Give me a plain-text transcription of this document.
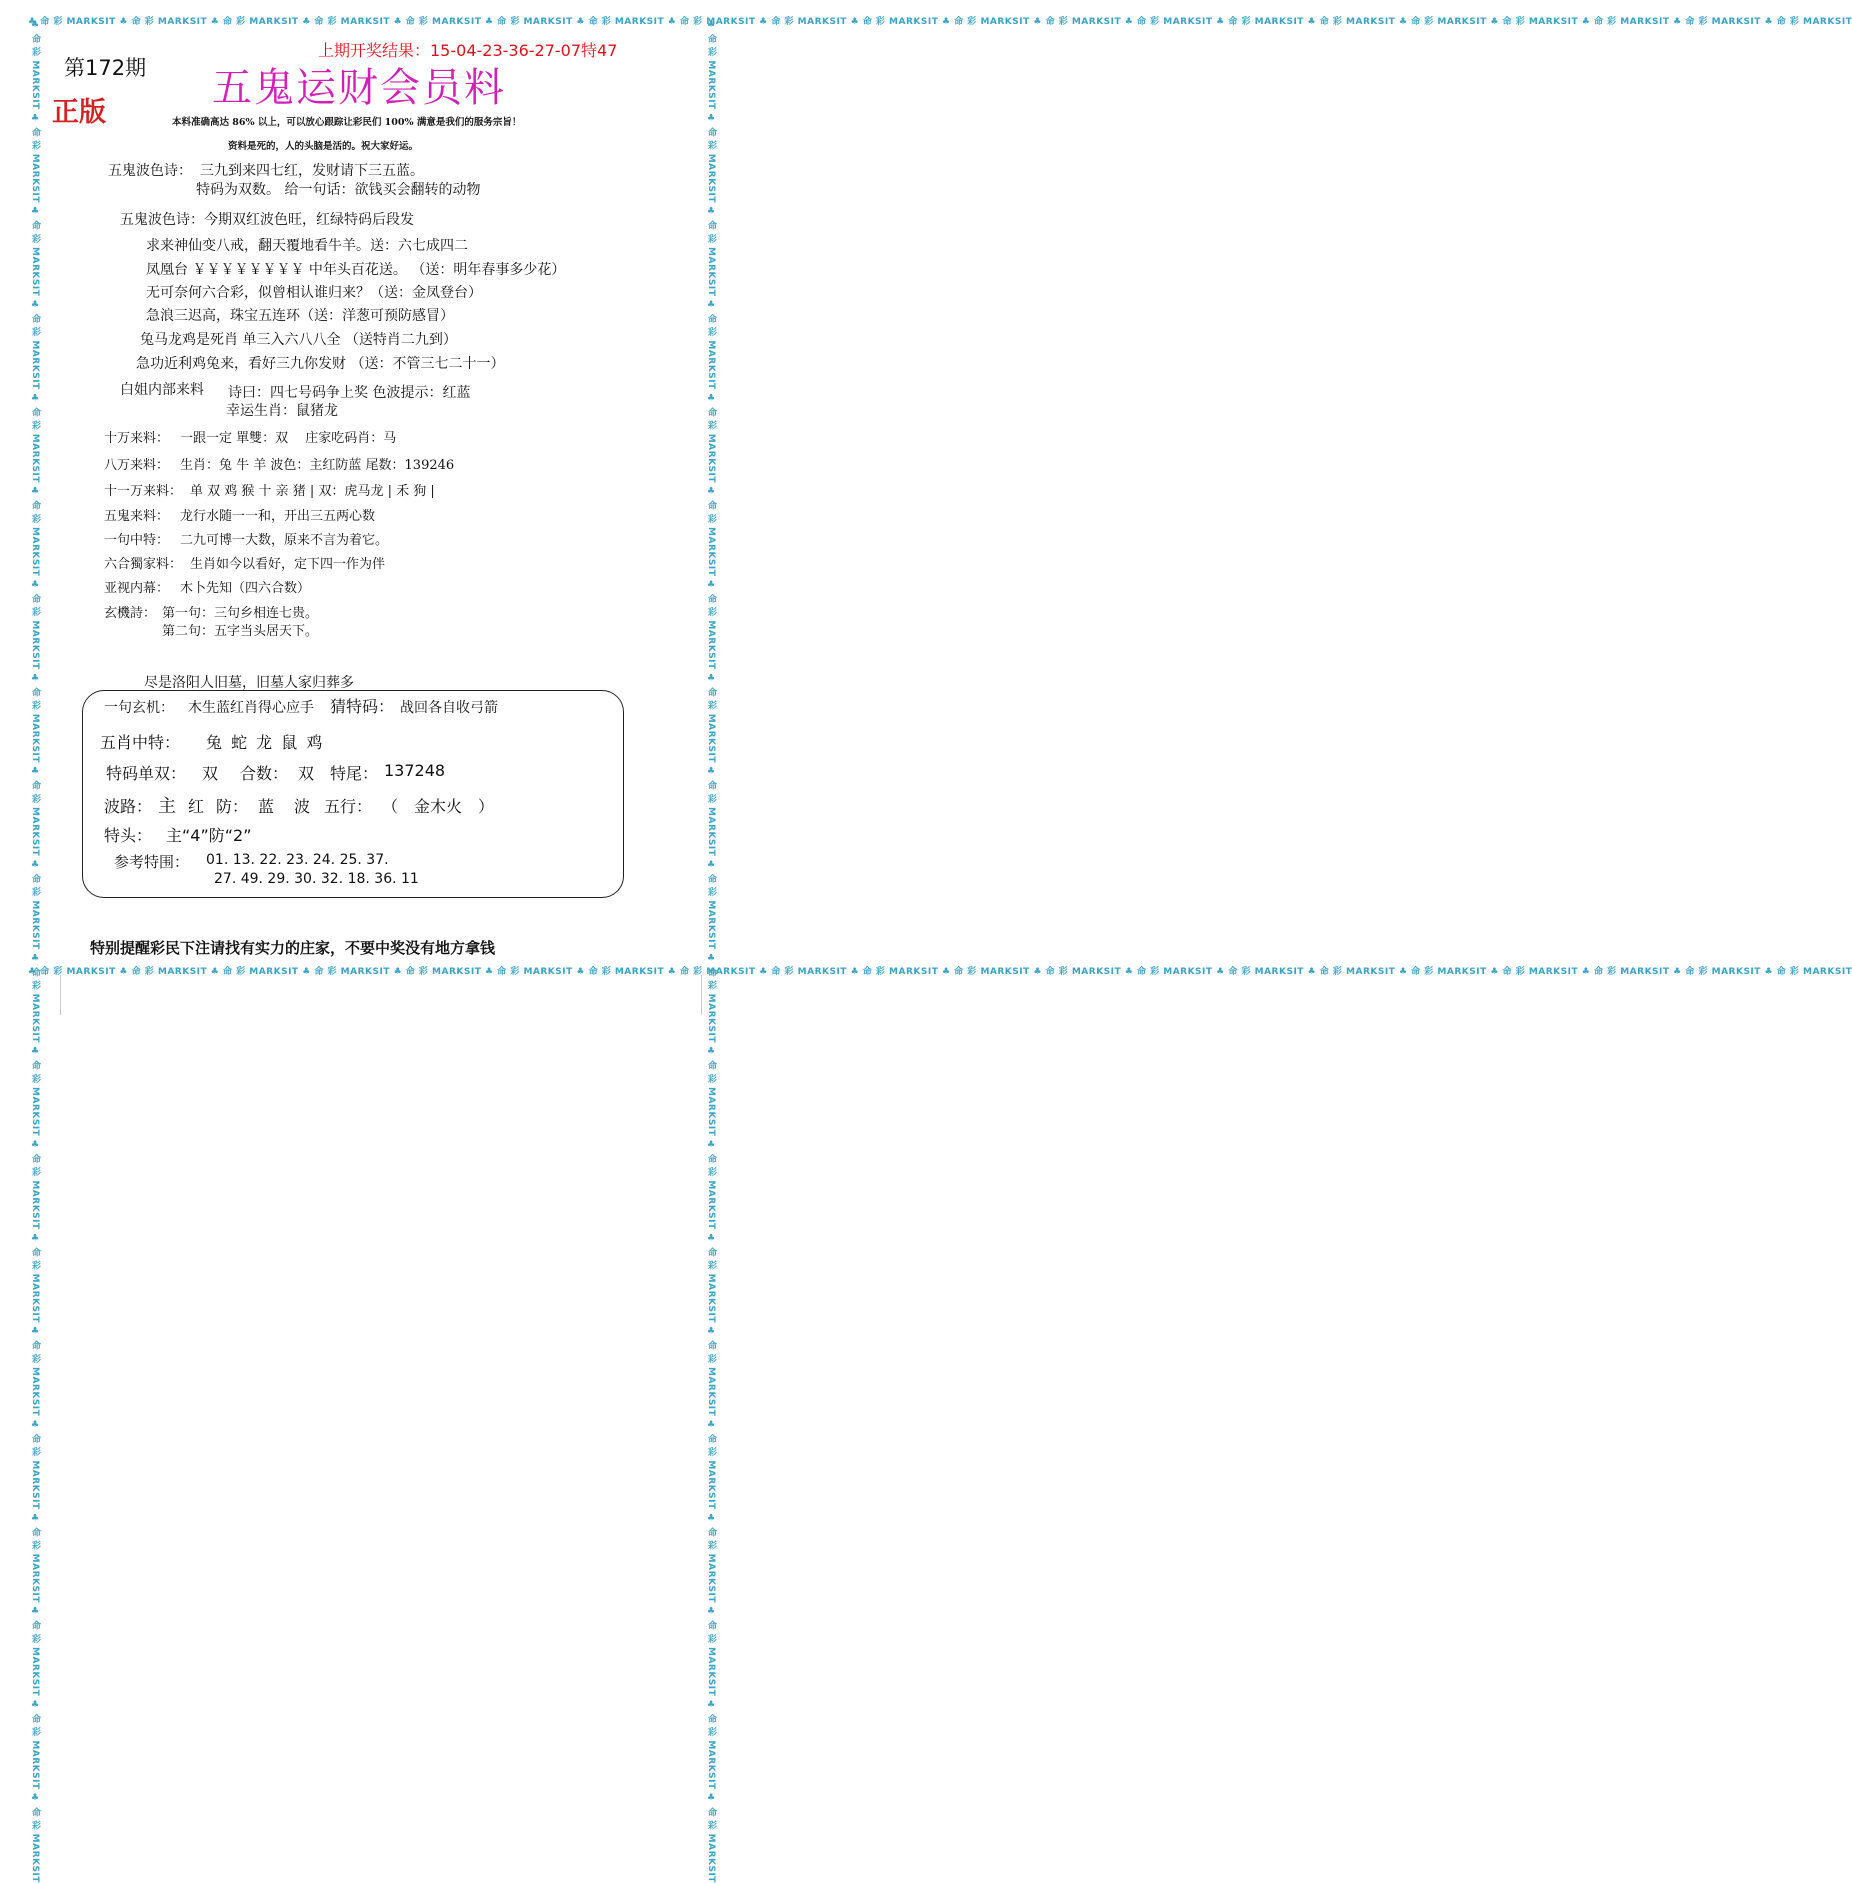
♣ 命 彩 MARKSIT ♣ 命 彩 MARKSIT ♣ 命 彩 MARKSIT ♣ 命 彩 MARKSIT ♣ 命 彩 MARKSIT ♣ 命 彩 MARKSIT ♣ 命 彩 MARKSIT ♣ 命 彩 MARKSIT ♣ 命 彩 MARKSIT ♣ 命 彩 MARKSIT ♣ 命 彩 MARKSIT ♣ 命 彩 MARKSIT ♣ 命 彩 MARKSIT ♣ 命 彩 MARKSIT ♣ 命 彩 MARKSIT ♣ 命 彩 MARKSIT ♣ 命 彩 MARKSIT ♣ 命 彩 MARKSIT ♣ 命 彩 MARKSIT ♣ 命 彩 MARKSIT
♣ 命 彩 MARKSIT ♣ 命 彩 MARKSIT ♣ 命 彩 MARKSIT ♣ 命 彩 MARKSIT ♣ 命 彩 MARKSIT ♣ 命 彩 MARKSIT ♣ 命 彩 MARKSIT ♣ 命 彩 MARKSIT ♣ 命 彩 MARKSIT ♣ 命 彩 MARKSIT ♣ 命 彩 MARKSIT ♣ 命 彩 MARKSIT ♣ 命 彩 MARKSIT ♣ 命 彩 MARKSIT ♣ 命 彩 MARKSIT ♣ 命 彩 MARKSIT ♣ 命 彩 MARKSIT ♣ 命 彩 MARKSIT ♣ 命 彩 MARKSIT ♣ 命 彩 MARKSIT
♣ 命 彩 MARKSIT ♣ 命 彩 MARKSIT ♣ 命 彩 MARKSIT ♣ 命 彩 MARKSIT ♣ 命 彩 MARKSIT ♣ 命 彩 MARKSIT ♣ 命 彩 MARKSIT ♣ 命 彩 MARKSIT ♣ 命 彩 MARKSIT ♣ 命 彩 MARKSIT ♣ 命 彩 MARKSIT ♣ 命 彩 MARKSIT ♣ 命 彩 MARKSIT ♣ 命 彩 MARKSIT ♣ 命 彩 MARKSIT ♣ 命 彩 MARKSIT ♣ 命 彩 MARKSIT ♣ 命 彩 MARKSIT ♣ 命 彩 MARKSIT ♣ 命 彩 MARKSIT	♣ 命 彩 MARKSIT ♣ 命 彩 MARKSIT ♣ 命 彩 MARKSIT ♣ 命 彩 MARKSIT ♣ 命 彩 MARKSIT ♣ 命 彩 MARKSIT ♣ 命 彩 MARKSIT ♣ 命 彩 MARKSIT ♣ 命 彩 MARKSIT ♣ 命 彩 MARKSIT ♣ 命 彩 MARKSIT ♣ 命 彩 MARKSIT ♣ 命 彩 MARKSIT ♣ 命 彩 MARKSIT ♣ 命 彩 MARKSIT ♣ 命 彩 MARKSIT ♣ 命 彩 MARKSIT ♣ 命 彩 MARKSIT ♣ 命 彩 MARKSIT ♣ 命 彩 MARKSIT
第172期
正版
上期开奖结果：15-04-23-36-27-07特47
五鬼运财会员料
本料准确高达 86% 以上，可以放心跟踪让彩民们 100% 满意是我们的服务宗旨！
资料是死的，人的头脑是活的。祝大家好运。
五鬼波色诗： 三九到来四七红，发财请下三五蓝。
特码为双数。 给一句话：欲钱买会翻转的动物
五鬼波色诗：今期双红波色旺，红绿特码后段发
求来神仙变八戒，翻天覆地看牛羊。送：六七成四二
凤凰台 ￥￥￥￥￥￥￥￥ 中年头百花送。 （送：明年春事多少花）
无可奈何六合彩，似曾相认谁归来？（送：金凤登台）
急浪三迟高，珠宝五连环（送：洋葱可预防感冒）
兔马龙鸡是死肖 单三入六八八全 （送特肖二九到）
急功近利鸡兔来，看好三九你发财 （送：不管三七二十一）
白姐内部来料 诗曰：四七号码争上奖 色波提示：红蓝
幸运生肖：鼠猪龙
十万来料： 一跟一定 單雙：双　 庄家吃码肖：马
八万来料： 生肖：兔 牛 羊 波色：主红防蓝 尾数：139246
十一万来料： 单 双 鸡 猴 十 亲 猪 | 双：虎马龙 | 禾 狗 |
五鬼来料： 龙行水随一一和，开出三五两心数
一句中特： 二九可博一大数，原来不言为着它。
六合獨家料： 生肖如今以看好，定下四一作为伴
亚视内幕： 木卜先知（四六合数）
玄機詩： 第一句：三句乡相连七贵。
第二句：五字当头居天下。
尽是洛阳人旧墓，旧墓人家归葬多
一句玄机： 木生蓝红肖得心应手 猜特码： 战回各自收弓箭
五肖中特： 兔 蛇 龙 鼠 鸡
特码单双： 双 合数： 双 特尾： 137248
波路： 主 红 防： 蓝 波 五行： （　金木火　）
特头： 主“4”防“2”
参考特围： 01. 13. 22. 23. 24. 25. 37.
27. 49. 29. 30. 32. 18. 36. 11
特别提醒彩民下注请找有实力的庄家，不要中奖没有地方拿钱
